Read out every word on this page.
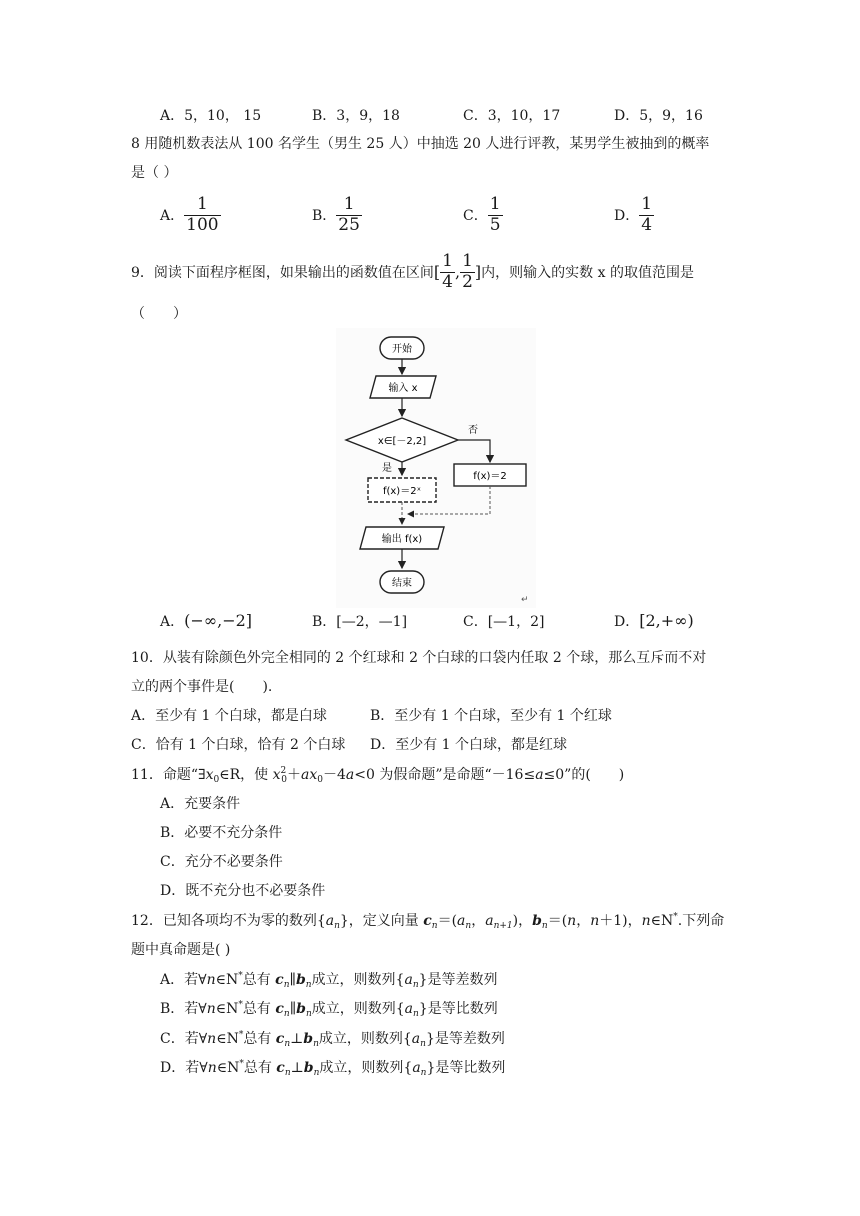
A．5，10， 15	B．3，9，18	C．3，10，17	D．5，9，16
8 用随机数表法从 100 名学生（男生 25 人）中抽选 20 人进行评教，某男学生被抽到的概率
是（ ）
A． $\frac{1}{100}$	B． $\frac{1}{25}$	C． $\frac{1}{5}$	D． $\frac{1}{4}$
9．阅读下面程序框图，如果输出的函数值在区间[ $\frac{1}{4}$ , $\frac{1}{2}$ ]内，则输入的实数 x 的取值范围是
（　　）
开始
输入 x
x∈[－2,2]
否
f(x)＝2
是
f(x)＝2ˣ
输出 f(x)
结束
↵
A．(−∞,−2]	B．[—2，—1]	C．[—1，2]	D．[2,+∞)
10．从装有除颜色外完全相同的 2 个红球和 2 个白球的口袋内任取 2 个球，那么互斥而不对
立的两个事件是(　　).
A．至少有 1 个白球，都是白球	B．至少有 1 个白球，至少有 1 个红球
C．恰有 1 个白球，恰有 2 个白球 D．至少有 1 个白球，都是红球
11．命题“$\exists x_0\in R$，使 $x^2_0+ax_0-4a<0$ 为假命题”是命题“－16≤a≤0”的(　　)
A．充要条件
B．必要不充分条件
C．充分不必要条件
D．既不充分也不必要条件
12．已知各项均不为零的数列$\{a_n\}$，定义向量 $c_n=(a_n$，$a_{n+1}$)，$b_n=(n$，n＋1)，n∈N*.下列命
题中真命题是( )
A．若∀n∈N*总有 $c_n\parallel b_n$成立，则数列$\{a_n\}$是等差数列
B．若∀n∈N*总有 $c_n\parallel b_n$成立，则数列$\{a_n\}$是等比数列
C．若∀n∈N*总有 $c_n\perp b_n$成立，则数列$\{a_n\}$是等差数列
D．若∀n∈N*总有 $c_n\perp b_n$成立，则数列$\{a_n\}$是等比数列
